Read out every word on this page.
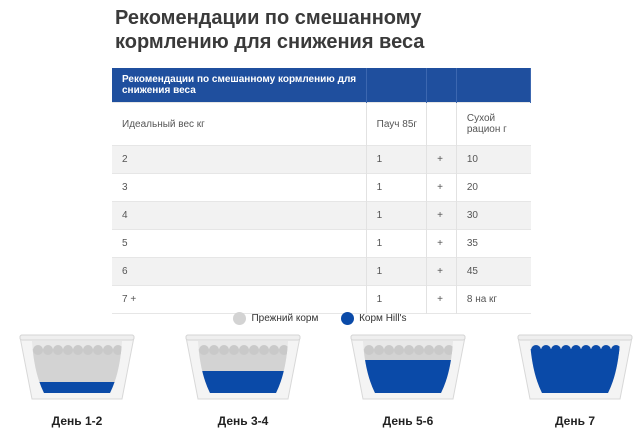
Рекомендации по смешанному кормлению для снижения веса
Рекомендации по смешанному кормлению для снижения веса			
Идеальный вес кг	Пауч 85г		Сухой рацион г
2	1	+	10
3	1	+	20
4	1	+	30
5	1	+	35
6	1	+	45
7 +	1	+	8 на кг
Прежний корм
	Корм Hill's
День 1-2	День 3-4	День 5-6	День 7
